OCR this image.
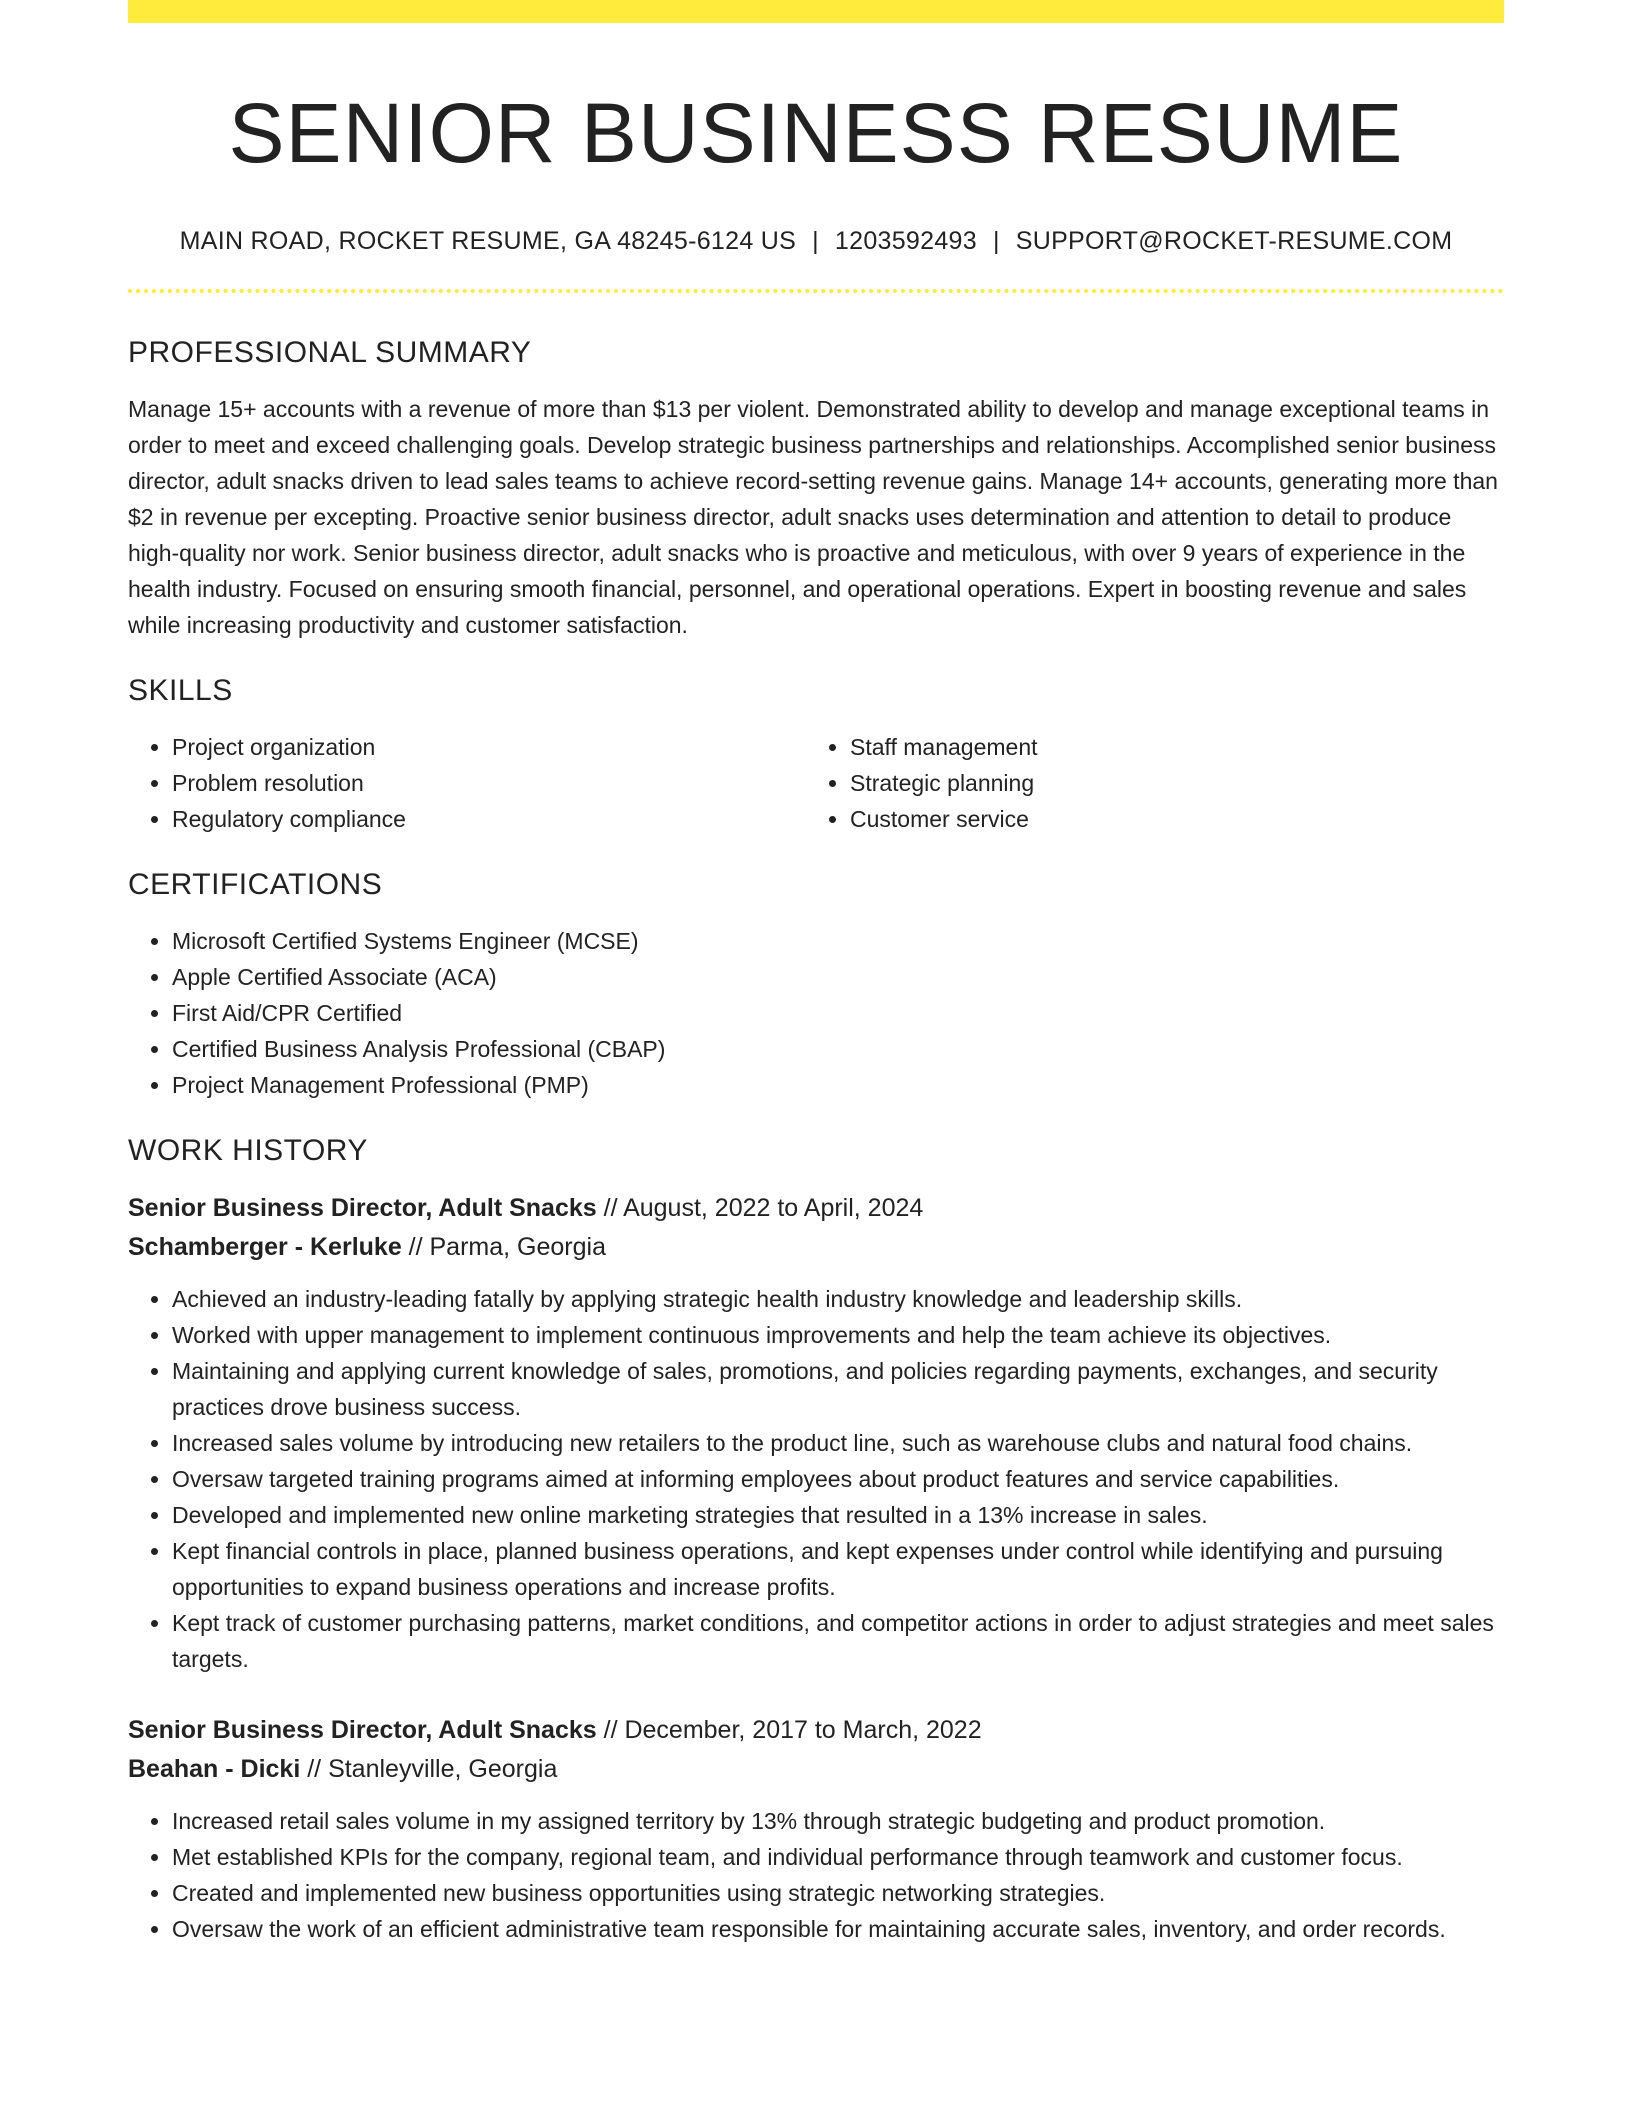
SENIOR BUSINESS RESUME
MAIN ROAD, ROCKET RESUME, GA 48245-6124 US | 1203592493 | SUPPORT@ROCKET-RESUME.COM
PROFESSIONAL SUMMARY

Manage 15+ accounts with a revenue of more than $13 per violent. Demonstrated ability to develop and manage exceptional teams in order to meet and exceed challenging goals. Develop strategic business partnerships and relationships. Accomplished senior business director, adult snacks driven to lead sales teams to achieve record-setting revenue gains. Manage 14+ accounts, generating more than $2 in revenue per excepting. Proactive senior business director, adult snacks uses determination and attention to detail to produce high-quality nor work. Senior business director, adult snacks who is proactive and meticulous, with over 9 years of experience in the health industry. Focused on ensuring smooth financial, personnel, and operational operations. Expert in boosting revenue and sales while increasing productivity and customer satisfaction.

SKILLS
• Project organization
• Problem resolution
• Regulatory compliance
• Staff management
• Strategic planning
• Customer service
CERTIFICATIONS
• Microsoft Certified Systems Engineer (MCSE)
• Apple Certified Associate (ACA)
• First Aid/CPR Certified
• Certified Business Analysis Professional (CBAP)
• Project Management Professional (PMP)
WORK HISTORY
Senior Business Director, Adult Snacks // August, 2022 to April, 2024
Schamberger - Kerluke // Parma, Georgia
• Achieved an industry-leading fatally by applying strategic health industry knowledge and leadership skills.
• Worked with upper management to implement continuous improvements and help the team achieve its objectives.
• Maintaining and applying current knowledge of sales, promotions, and policies regarding payments, exchanges, and security practices drove business success.
• Increased sales volume by introducing new retailers to the product line, such as warehouse clubs and natural food chains.
• Oversaw targeted training programs aimed at informing employees about product features and service capabilities.
• Developed and implemented new online marketing strategies that resulted in a 13% increase in sales.
• Kept financial controls in place, planned business operations, and kept expenses under control while identifying and pursuing opportunities to expand business operations and increase profits.
• Kept track of customer purchasing patterns, market conditions, and competitor actions in order to adjust strategies and meet sales targets.
Senior Business Director, Adult Snacks // December, 2017 to March, 2022
Beahan - Dicki // Stanleyville, Georgia
• Increased retail sales volume in my assigned territory by 13% through strategic budgeting and product promotion.
• Met established KPIs for the company, regional team, and individual performance through teamwork and customer focus.
• Created and implemented new business opportunities using strategic networking strategies.
• Oversaw the work of an efficient administrative team responsible for maintaining accurate sales, inventory, and order records.
